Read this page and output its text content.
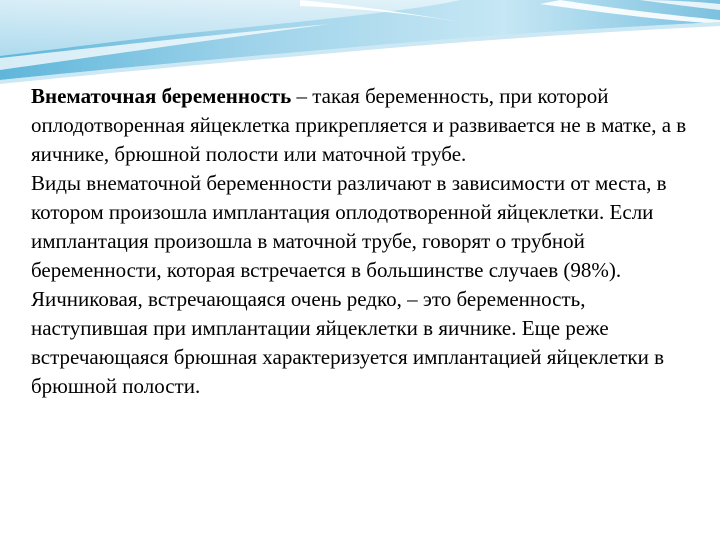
Внематочная беременность – такая беременность, при которой оплодотворенная яйцеклетка прикрепляется и развивается не в матке, а в яичнике, брюшной полости или маточной трубе.

Виды внематочной беременности различают в зависимости от места, в котором произошла имплантация оплодотворенной яйцеклетки. Если имплантация произошла в маточной трубе, говорят о трубной беременности, которая встречается в большинстве случаев (98%). Яичниковая, встречающаяся очень редко, – это беременность, наступившая при имплантации яйцеклетки в яичнике. Еще реже встречающаяся брюшная характеризуется имплантацией яйцеклетки в брюшной полости.
